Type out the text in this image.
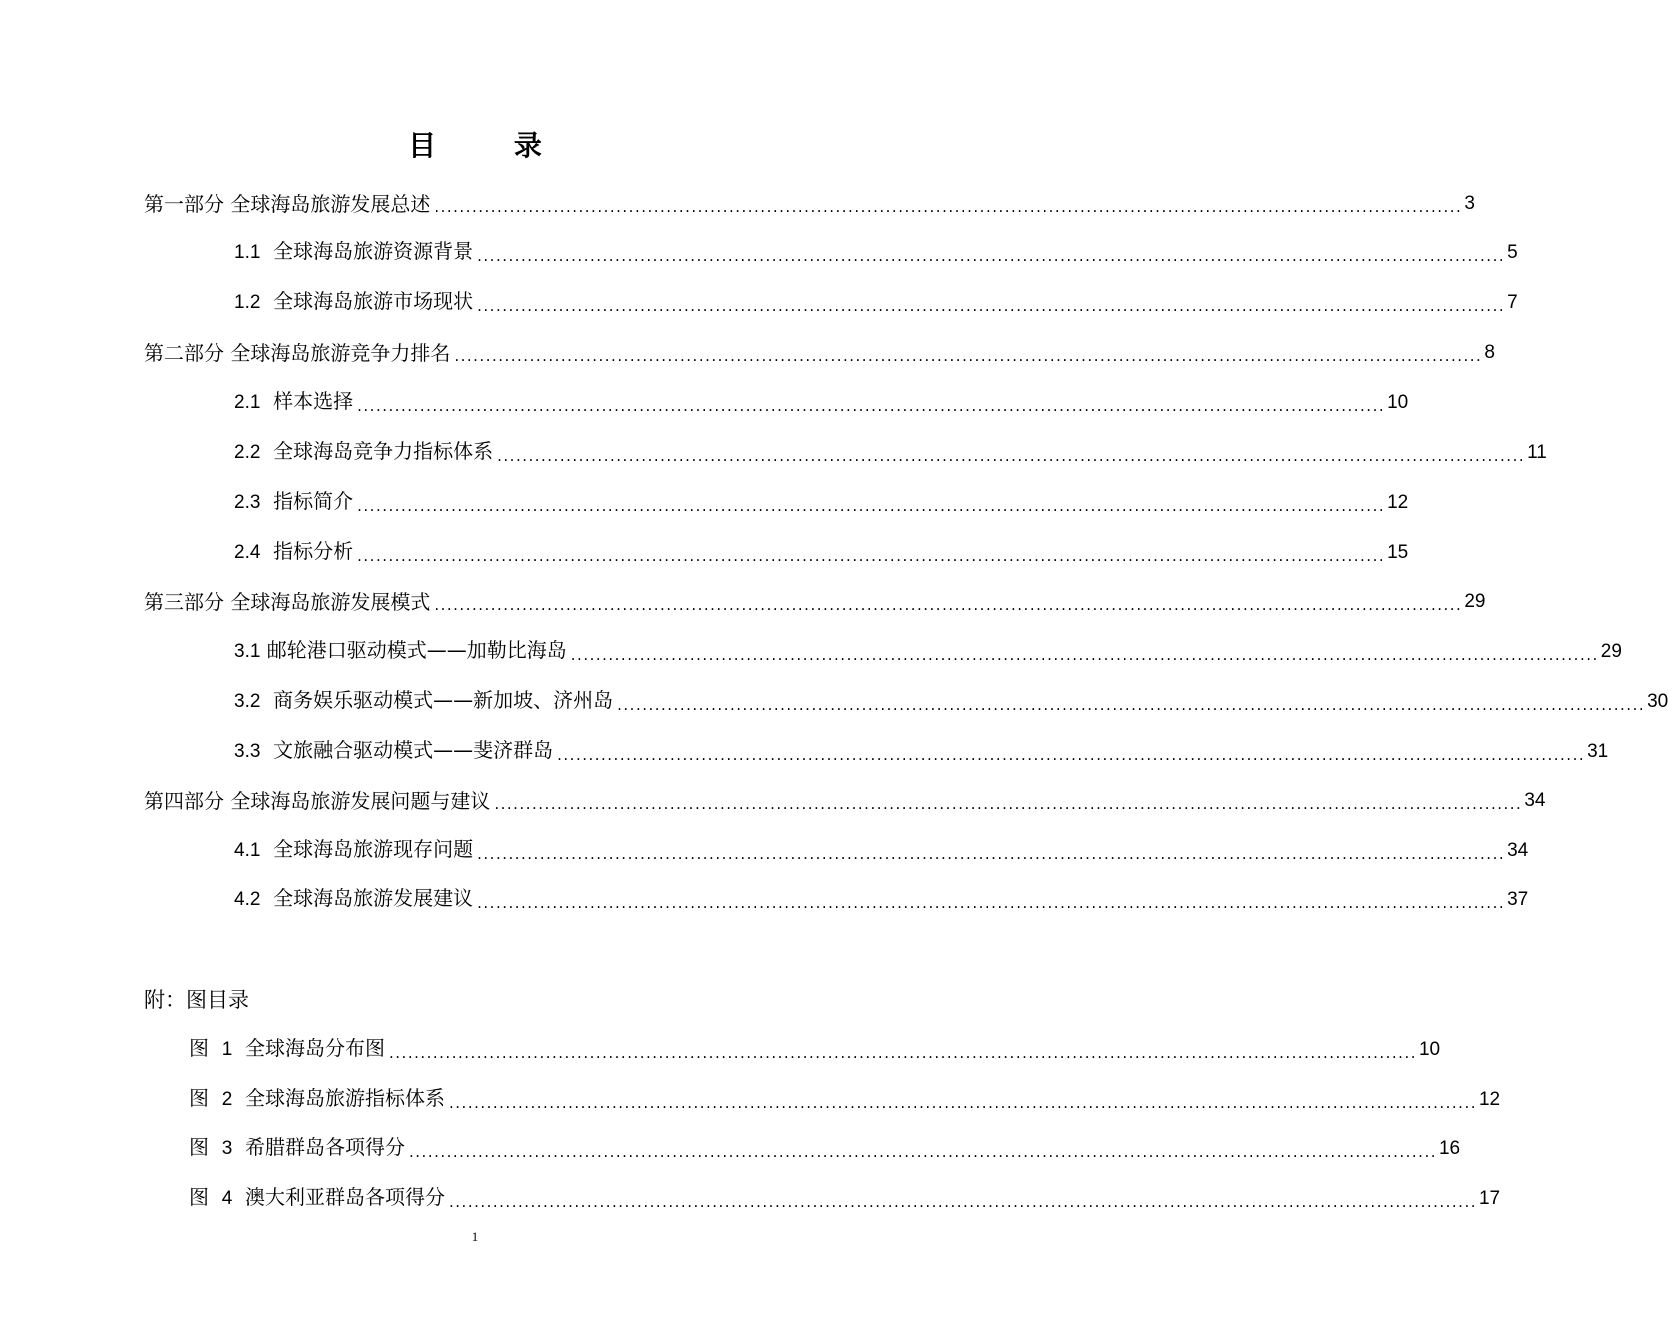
目 录
第一部分 全球海岛旅游发展总述 .................................................................................................................................................................... 3
1.1 全球海岛旅游资源背景 .................................................................................................................................................................... 5
1.2 全球海岛旅游市场现状 .................................................................................................................................................................... 7
第二部分 全球海岛旅游竞争力排名 .................................................................................................................................................................... 8
2.1 样本选择 .................................................................................................................................................................... 10
2.2 全球海岛竞争力指标体系 .................................................................................................................................................................... 11
2.3 指标简介 .................................................................................................................................................................... 12
2.4 指标分析 .................................................................................................................................................................... 15
第三部分 全球海岛旅游发展模式 .................................................................................................................................................................... 29
3.1 邮轮港口驱动模式——加勒比海岛 .................................................................................................................................................................... 29
3.2 商务娱乐驱动模式——新加坡、济州岛 .................................................................................................................................................................... 30
3.3 文旅融合驱动模式——斐济群岛 .................................................................................................................................................................... 31
第四部分 全球海岛旅游发展问题与建议 .................................................................................................................................................................... 34
4.1 全球海岛旅游现存问题 .................................................................................................................................................................... 34
4.2 全球海岛旅游发展建议 .................................................................................................................................................................... 37
附：图目录
图 1 全球海岛分布图 .................................................................................................................................................................... 10
图 2 全球海岛旅游指标体系 .................................................................................................................................................................... 12
图 3 希腊群岛各项得分 .................................................................................................................................................................... 16
图 4 澳大利亚群岛各项得分 .................................................................................................................................................................... 17
1
